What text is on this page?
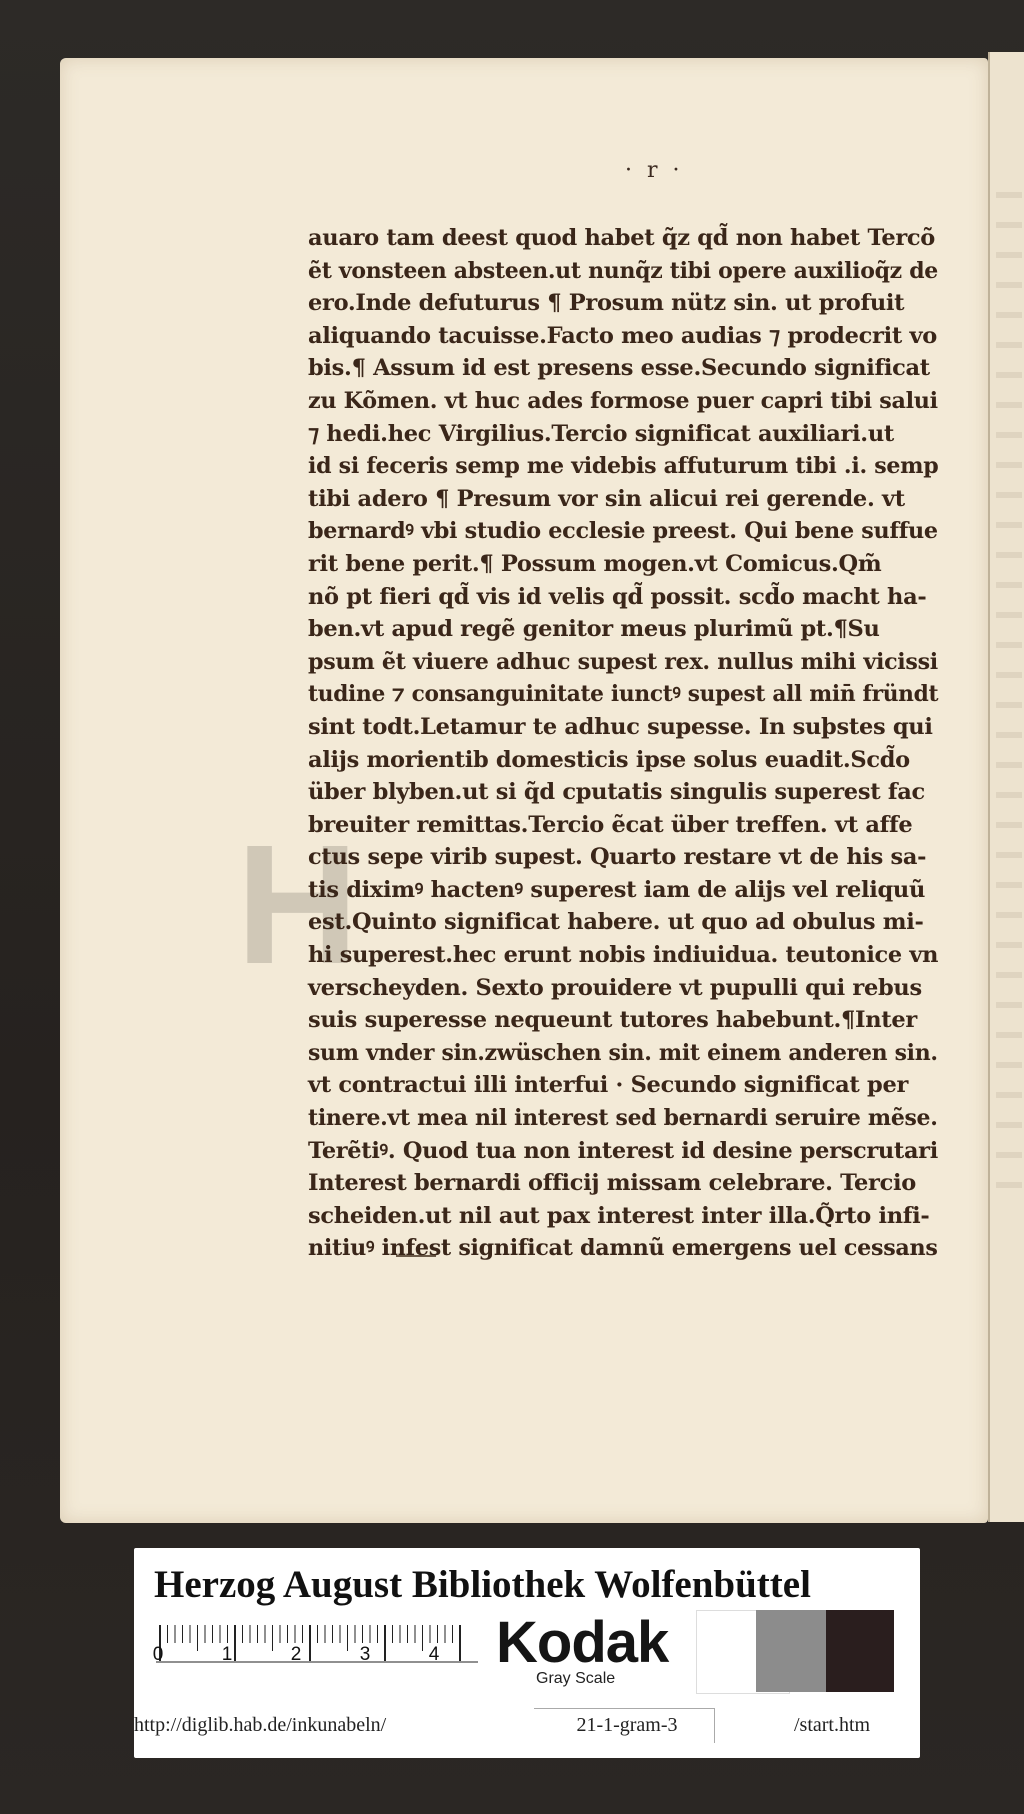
· r ·
H
auaro tam deest quod habet q̃z qd̃ non habet Tercõ
ẽt vonsteen absteen.ut nunq̃z tibi opere auxilioq̃z de
ero.Inde defuturus ¶ Prosum nütz sin. ut profuit
aliquando tacuisse.Facto meo audias ⁊ prodecrit vo
bis.¶ Assum id est presens esse.Secundo significat
zu Kõmen. vt huc ades formose puer capri tibi salui
⁊ hedi.hec Virgilius.Tercio significat auxiliari.ut
id si feceris semp me videbis affuturum tibi .i. semp
tibi adero ¶ Presum vor sin alicui rei gerende. vt
bernardꝰ vbi studio ecclesie preest. Qui bene suffue
rit bene perit.¶ Possum mogen.vt Comicus.Qm̃
nõ pt fieri qd̃ vis id velis qd̃ possit. scd̃o macht ha-
ben.vt apud regẽ genitor meus plurimũ pt.¶Su
psum ẽt viuere adhuc supest rex. nullus mihi vicissi
tudine ⁊ consanguinitate iunctꝰ supest all min̄ fründt
sint todt.Letamur te adhuc supesse. In suþstes qui
alijs morientib domesticis ipse solus euadit.Scd̃o
über blyben.ut si q̃d cputatis singulis superest fac
breuiter remittas.Tercio ẽcat über treffen. vt affe
ctus sepe virib supest. Quarto restare vt de his sa-
tis diximꝰ hactenꝰ superest iam de alijs vel reliquũ
est.Quinto significat habere. ut quo ad obulus mi-
hi superest.hec erunt nobis indiuidua. teutonice vn
verscheyden. Sexto prouidere vt pupulli qui rebus
suis superesse nequeunt tutores habebunt.¶Inter
sum vnder sin.zwüschen sin. mit einem anderen sin.
vt contractui illi interfui · Secundo significat per
tinere.vt mea nil interest sed bernardi seruire mẽse.
Terẽtiꝰ. Quod tua non interest id desine perscrutari
Interest bernardi officij missam celebrare. Tercio
scheiden.ut nil aut pax interest inter illa.Q̃rto infi-
nitiuꝰ infest significat damnũ emergens uel cessans
Herzog August Bibliothek Wolfenbüttel
0	1	2	3	4 Kodak
Gray Scale
http://diglib.hab.de/inkunabeln/	21-1-gram-3	/start.htm
